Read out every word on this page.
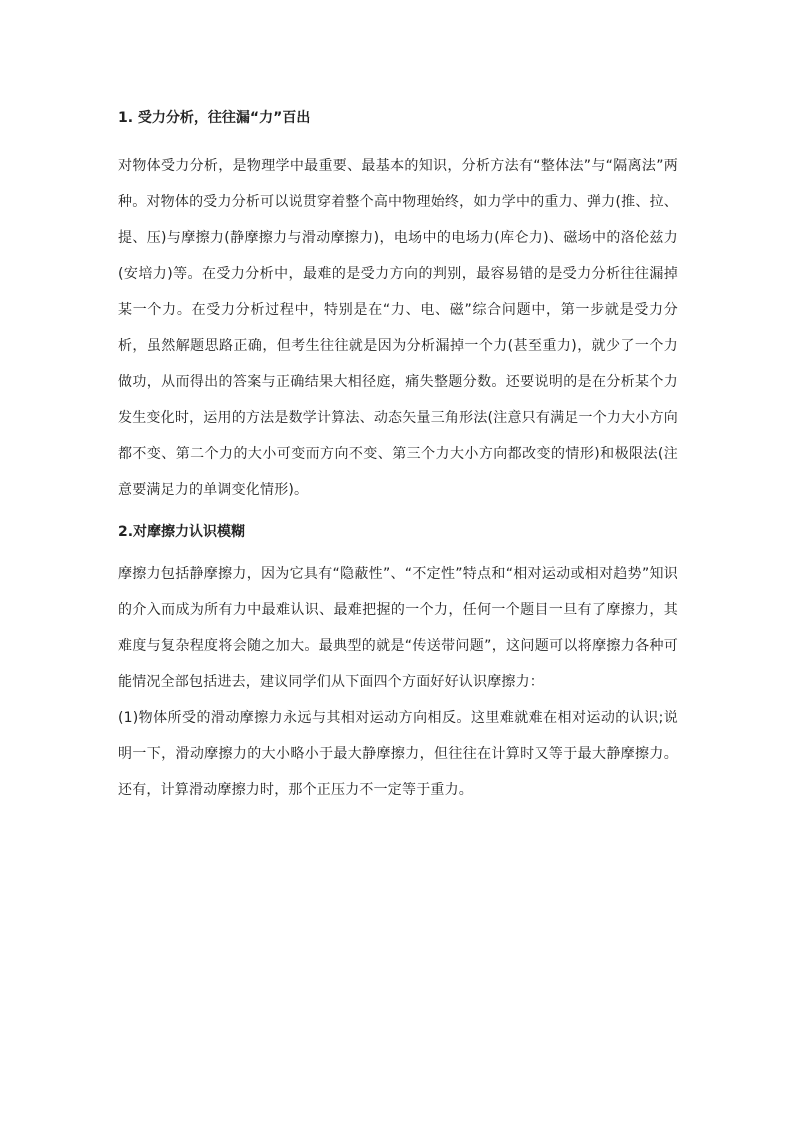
1. 受力分析，往往漏“力”百出

对物体受力分析，是物理学中最重要、最基本的知识，分析方法有“整体法”与“隔离法”两种。对物体的受力分析可以说贯穿着整个高中物理始终，如力学中的重力、弹力(推、拉、提、压)与摩擦力(静摩擦力与滑动摩擦力)，电场中的电场力(库仑力)、磁场中的洛伦兹力(安培力)等。在受力分析中，最难的是受力方向的判别，最容易错的是受力分析往往漏掉某一个力。在受力分析过程中，特别是在“力、电、磁”综合问题中，第一步就是受力分析，虽然解题思路正确，但考生往往就是因为分析漏掉一个力(甚至重力)，就少了一个力做功，从而得出的答案与正确结果大相径庭，痛失整题分数。还要说明的是在分析某个力发生变化时，运用的方法是数学计算法、动态矢量三角形法(注意只有满足一个力大小方向都不变、第二个力的大小可变而方向不变、第三个力大小方向都改变的情形)和极限法(注意要满足力的单调变化情形)。

2.对摩擦力认识模糊

摩擦力包括静摩擦力，因为它具有“隐蔽性”、“不定性”特点和“相对运动或相对趋势”知识的介入而成为所有力中最难认识、最难把握的一个力，任何一个题目一旦有了摩擦力，其难度与复杂程度将会随之加大。最典型的就是“传送带问题”，这问题可以将摩擦力各种可能情况全部包括进去，建议同学们从下面四个方面好好认识摩擦力：

(1)物体所受的滑动摩擦力永远与其相对运动方向相反。这里难就难在相对运动的认识;说明一下，滑动摩擦力的大小略小于最大静摩擦力，但往往在计算时又等于最大静摩擦力。还有，计算滑动摩擦力时，那个正压力不一定等于重力。
